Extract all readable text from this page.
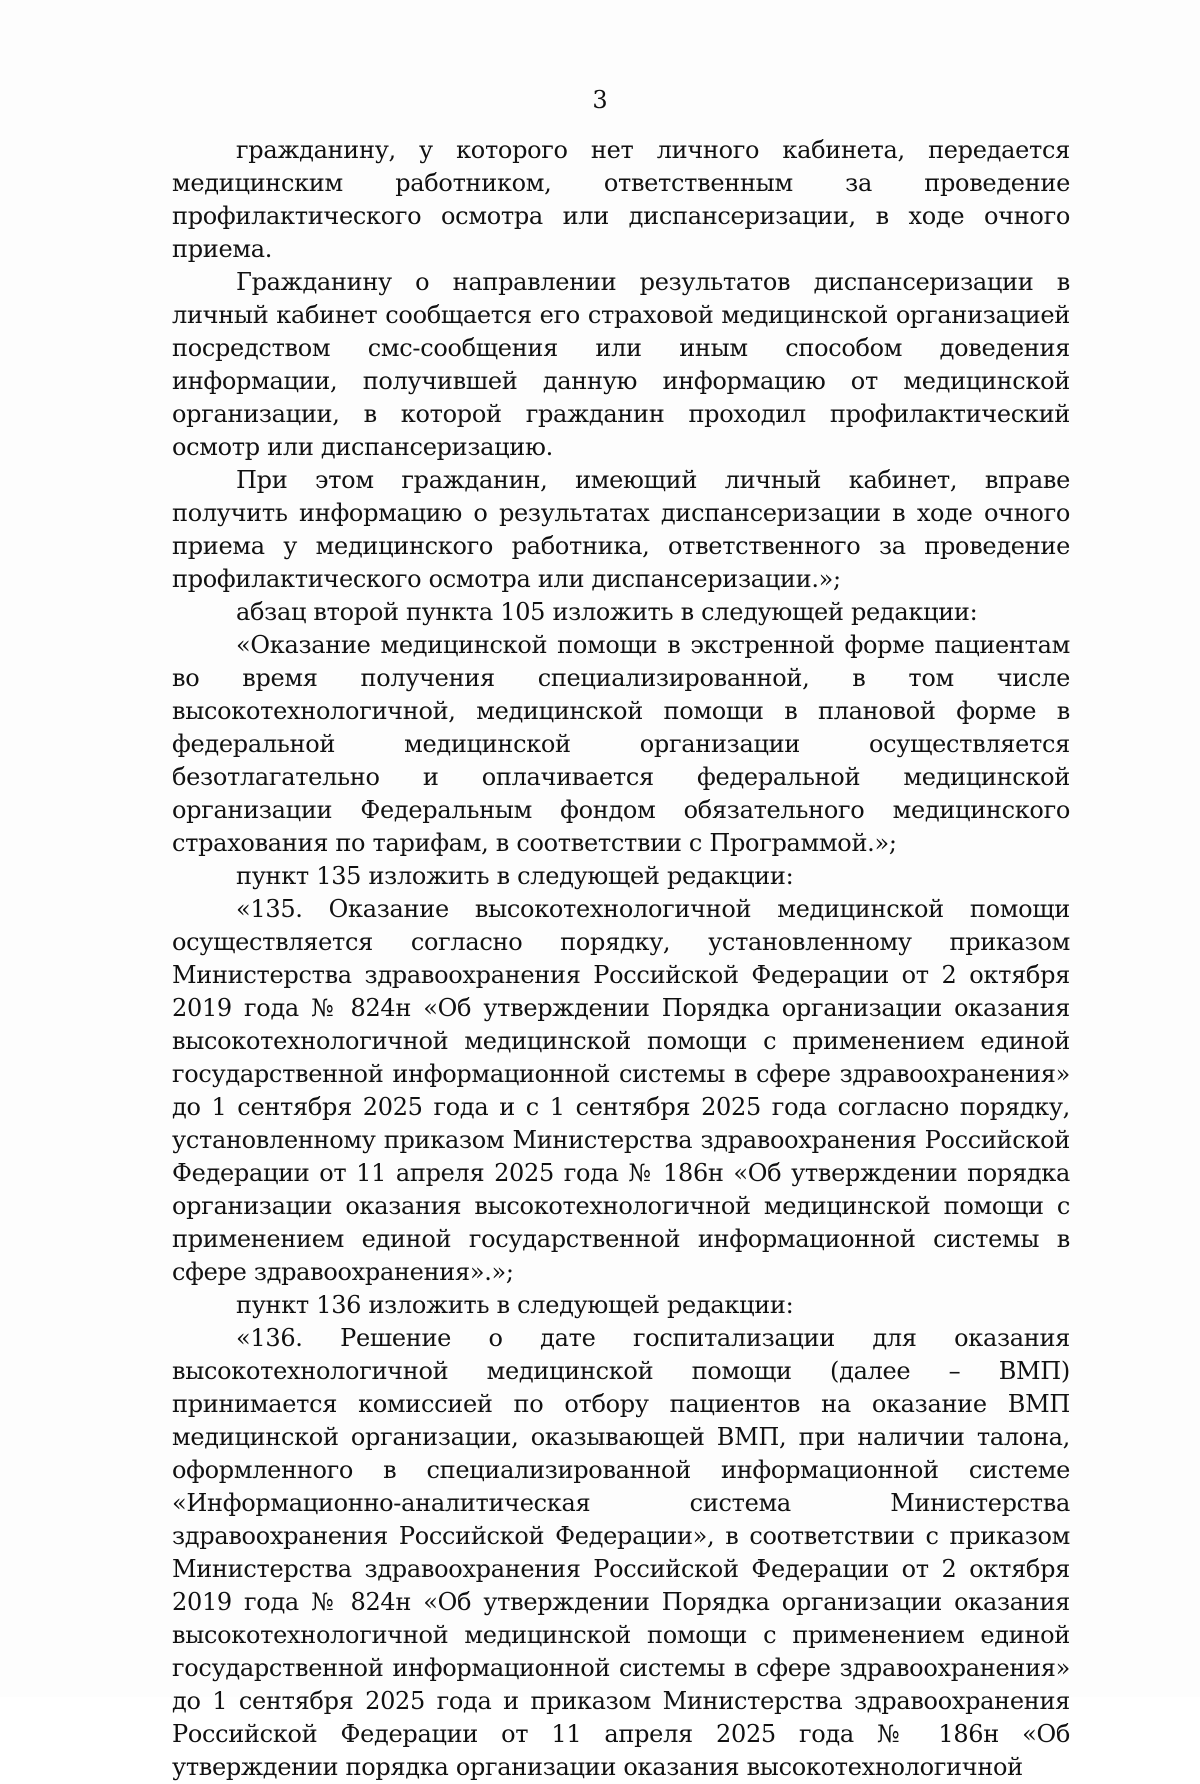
3

гражданину, у которого нет личного кабинета, передается медицинским работником, ответственным за проведение профилактического осмотра или диспансеризации, в ходе очного приема.

Гражданину о направлении результатов диспансеризации в личный кабинет сообщается его страховой медицинской организацией посредством смс-сообщения или иным способом доведения информации, получившей данную информацию от медицинской организации, в которой гражданин проходил профилактический осмотр или диспансеризацию.

При этом гражданин, имеющий личный кабинет, вправе получить информацию о результатах диспансеризации в ходе очного приема у медицинского работника, ответственного за проведение профилактического осмотра или диспансеризации.»;

абзац второй пункта 105 изложить в следующей редакции:

«Оказание медицинской помощи в экстренной форме пациентам во время получения специализированной, в том числе высокотехнологичной, медицинской помощи в плановой форме в федеральной медицинской организации осуществляется безотлагательно и оплачивается федеральной медицинской организации Федеральным фондом обязательного медицинского страхования по тарифам, в соответствии с Программой.»;

пункт 135 изложить в следующей редакции:

«135. Оказание высокотехнологичной медицинской помощи осуществляется согласно порядку, установленному приказом Министерства здравоохранения Российской Федерации от 2 октября 2019 года № 824н «Об утверждении Порядка организации оказания высокотехнологичной медицинской помощи с применением единой государственной информационной системы в сфере здравоохранения» до 1 сентября 2025 года и с 1 сентября 2025 года согласно порядку, установленному приказом Министерства здравоохранения Российской Федерации от 11 апреля 2025 года № 186н «Об утверждении порядка организации оказания высокотехнологичной медицинской помощи с применением единой государственной информационной системы в сфере здравоохранения».»;

пункт 136 изложить в следующей редакции:

«136. Решение о дате госпитализации для оказания высокотехнологичной медицинской помощи (далее – ВМП) принимается комиссией по отбору пациентов на оказание ВМП медицинской организации, оказывающей ВМП, при наличии талона, оформленного в специализированной информационной системе «Информационно-аналитическая система Министерства здравоохранения Российской Федерации», в соответствии с приказом Министерства здравоохранения Российской Федерации от 2 октября 2019 года № 824н «Об утверждении Порядка организации оказания высокотехнологичной медицинской помощи с применением единой государственной информационной системы в сфере здравоохранения» до 1 сентября 2025 года и приказом Министерства здравоохранения Российской Федерации от 11 апреля 2025 года № 186н «Об утверждении порядка организации оказания высокотехнологичной
